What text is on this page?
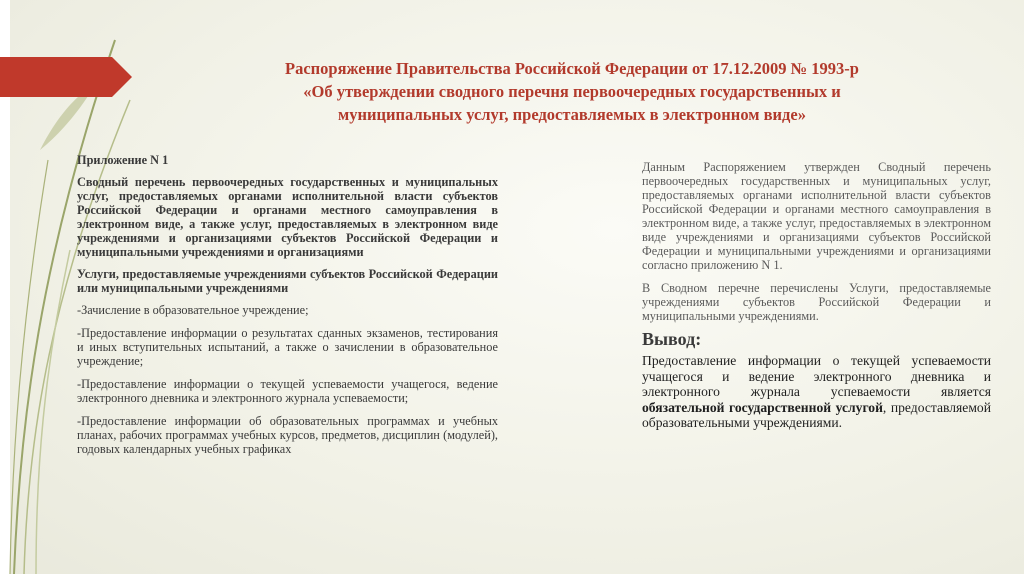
Распоряжение Правительства Российской Федерации от 17.12.2009 № 1993-р
«Об утверждении сводного перечня первоочередных государственных и
муниципальных услуг, предоставляемых в электронном виде»

Приложение N 1

Сводный перечень первоочередных государственных и муниципальных услуг, предоставляемых органами исполнительной власти субъектов Российской Федерации и органами местного самоуправления в электронном виде, а также услуг, предоставляемых в электронном виде учреждениями и организациями субъектов Российской Федерации и муниципальными учреждениями и организациями

Услуги, предоставляемые учреждениями субъектов Российской Федерации или муниципальными учреждениями

-Зачисление в образовательное учреждение;

-Предоставление информации о результатах сданных экзаменов, тестирования и иных вступительных испытаний, а также о зачислении в образовательное учреждение;

-Предоставление информации о текущей успеваемости учащегося, ведение электронного дневника и электронного журнала успеваемости;

-Предоставление информации об образовательных программах и учебных планах, рабочих программах учебных курсов, предметов, дисциплин (модулей), годовых календарных учебных графиках

Данным Распоряжением утвержден Сводный перечень первоочередных государственных и муниципальных услуг, предоставляемых органами исполнительной власти субъектов Российской Федерации и органами местного самоуправления в электронном виде, а также услуг, предоставляемых в электронном виде учреждениями и организациями субъектов Российской Федерации и муниципальными учреждениями и организациями согласно приложению N 1.

В Сводном перечне перечислены Услуги, предоставляемые учреждениями субъектов Российской Федерации и муниципальными учреждениями.

Вывод:

Предоставление информации о текущей успеваемости учащегося и ведение электронного дневника и электронного журнала успеваемости является обязательной государственной услугой, предоставляемой образовательными учреждениями.
